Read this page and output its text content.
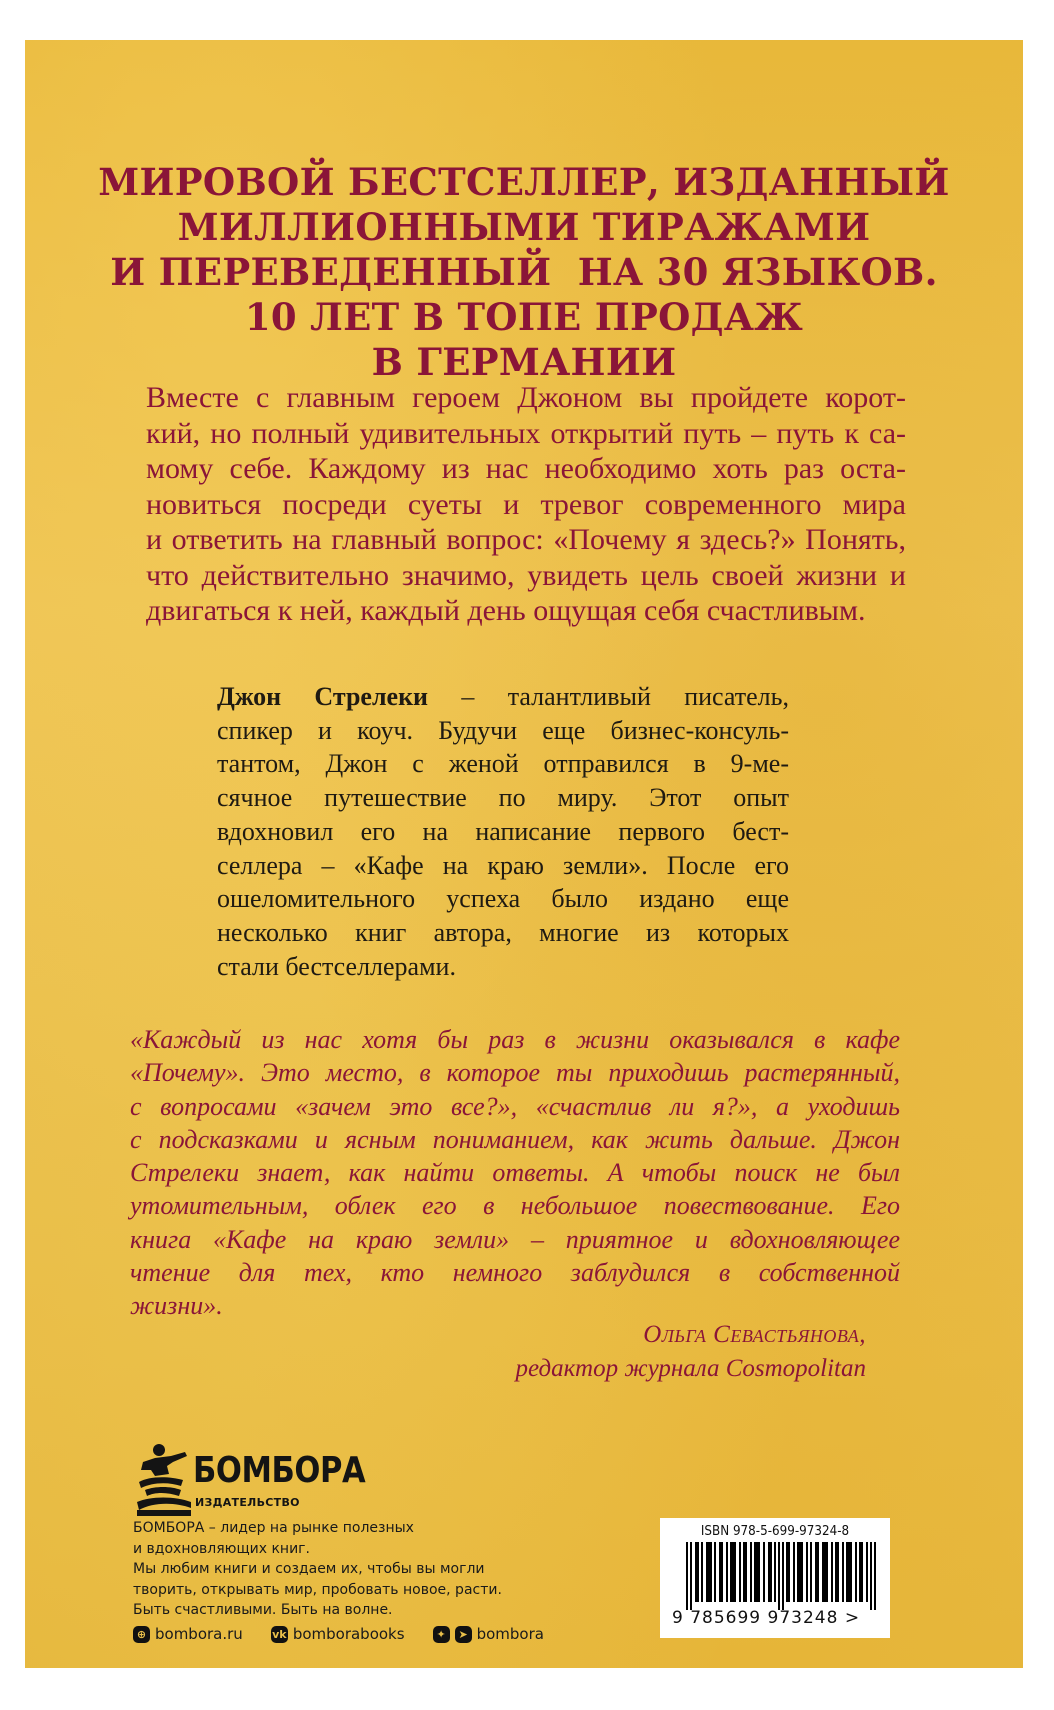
МИРОВОЙ БЕСТСЕЛЛЕР, ИЗДАННЫЙ
МИЛЛИОННЫМИ ТИРАЖАМИ
И ПЕРЕВЕДЕННЫЙ  НА 30 ЯЗЫКОВ.
10 ЛЕТ В ТОПЕ ПРОДАЖ
В ГЕРМАНИИ
Вместе с главным героем Джоном вы пройдете корот-
кий, но полный удивительных открытий путь – путь к са-
мому себе. Каждому из нас необходимо хоть раз оста-
новиться посреди суеты и тревог современного мира
и ответить на главный вопрос: «Почему я здесь?» Понять,
что действительно значимо, увидеть цель своей жизни и
двигаться к ней, каждый день ощущая себя счастливым.
Джон Стрелеки – талантливый писатель,
спикер и коуч. Будучи еще бизнес-консуль-
тантом, Джон с женой отправился в 9-ме-
сячное путешествие по миру. Этот опыт
вдохновил его на написание первого бест-
селлера – «Кафе на краю земли». После его
ошеломительного успеха было издано еще
несколько книг автора, многие из которых
стали бестселлерами.
«Каждый из нас хотя бы раз в жизни оказывался в кафе
«Почему». Это место, в которое ты приходишь растерянный,
с вопросами «зачем это все?», «счастлив ли я?», а уходишь
с подсказками и ясным пониманием, как жить дальше. Джон
Стрелеки знает, как найти ответы. А чтобы поиск не был
утомительным, облек его в небольшое повествование. Его
книга «Кафе на краю земли» – приятное и вдохновляющее
чтение для тех, кто немного заблудился в собственной
жизни».
Ольга Севастьянова,
редактор журнала Cosmopolitan
БОМБОРА
ИЗДАТЕЛЬСТВО
БОМБОРА – лидер на рынке полезных
и вдохновляющих книг.
Мы любим книги и создаем их, чтобы вы могли
творить, открывать мир, пробовать новое, расти.
Быть счастливыми. Быть на волне.
⊕ bombora.ru	vk bomborabooks	✦	➤ bombora
ISBN 978-5-699-97324-8
9 785699 973248 >
